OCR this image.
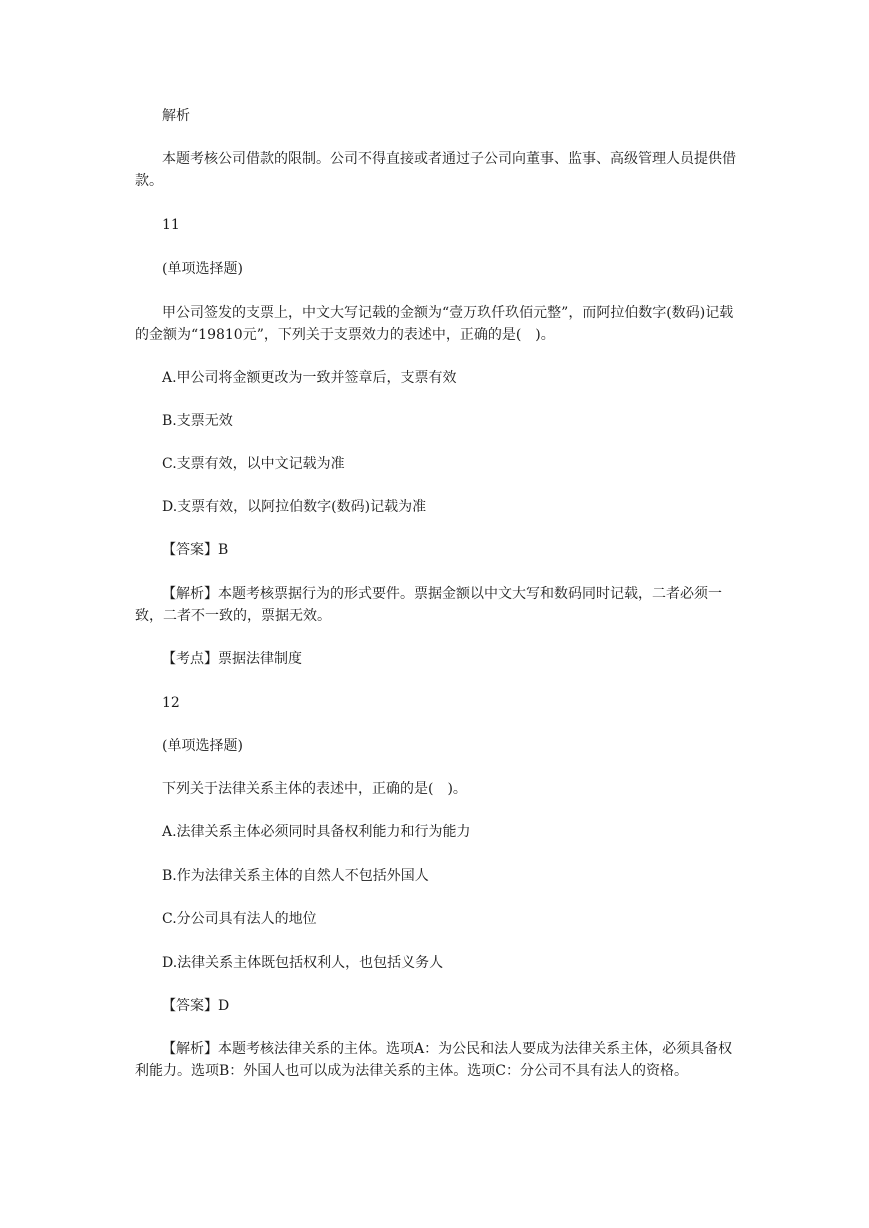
解析
本题考核公司借款的限制。公司不得直接或者通过子公司向董事、监事、高级管理人员提供借款。
11
(单项选择题)
甲公司签发的支票上，中文大写记载的金额为“壹万玖仟玖佰元整”，而阿拉伯数字(数码)记载的金额为“19810元”，下列关于支票效力的表述中，正确的是(　)。
A.甲公司将金额更改为一致并签章后，支票有效
B.支票无效
C.支票有效，以中文记载为准
D.支票有效，以阿拉伯数字(数码)记载为准
【答案】B
【解析】本题考核票据行为的形式要件。票据金额以中文大写和数码同时记载，二者必须一致，二者不一致的，票据无效。
【考点】票据法律制度
12
(单项选择题)
下列关于法律关系主体的表述中，正确的是(　)。
A.法律关系主体必须同时具备权利能力和行为能力
B.作为法律关系主体的自然人不包括外国人
C.分公司具有法人的地位
D.法律关系主体既包括权利人，也包括义务人
【答案】D
【解析】本题考核法律关系的主体。选项A：为公民和法人要成为法律关系主体，必须具备权利能力。选项B：外国人也可以成为法律关系的主体。选项C：分公司不具有法人的资格。
